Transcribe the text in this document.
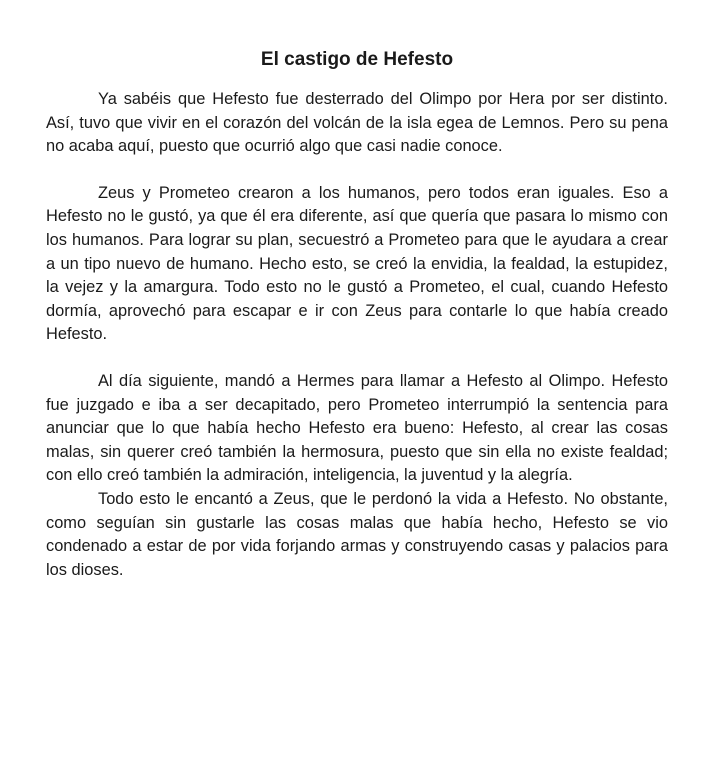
El castigo de Hefesto

Ya sabéis que Hefesto fue desterrado del Olimpo por Hera por ser distinto. Así, tuvo que vivir en el corazón del volcán de la isla egea de Lemnos. Pero su pena no acaba aquí, puesto que ocurrió algo que casi nadie conoce.

Zeus y Prometeo crearon a los humanos, pero todos eran iguales. Eso a Hefesto no le gustó, ya que él era diferente, así que quería que pasara lo mismo con los humanos. Para lograr su plan, secuestró a Prometeo para que le ayudara a crear a un tipo nuevo de humano. Hecho esto, se creó la envidia, la fealdad, la estupidez, la vejez y la amargura. Todo esto no le gustó a Prometeo, el cual, cuando Hefesto dormía, aprovechó para escapar e ir con Zeus para contarle lo que había creado Hefesto.

Al día siguiente, mandó a Hermes para llamar a Hefesto al Olimpo. Hefesto fue juzgado e iba a ser decapitado, pero Prometeo interrumpió la sentencia para anunciar que lo que había hecho Hefesto era bueno: Hefesto, al crear las cosas malas, sin querer creó también la hermosura, puesto que sin ella no existe fealdad; con ello creó también la admiración, inteligencia, la juventud y la alegría.

Todo esto le encantó a Zeus, que le perdonó la vida a Hefesto. No obstante, como seguían sin gustarle las cosas malas que había hecho, Hefesto se vio condenado a estar de por vida forjando armas y construyendo casas y palacios para los dioses.
